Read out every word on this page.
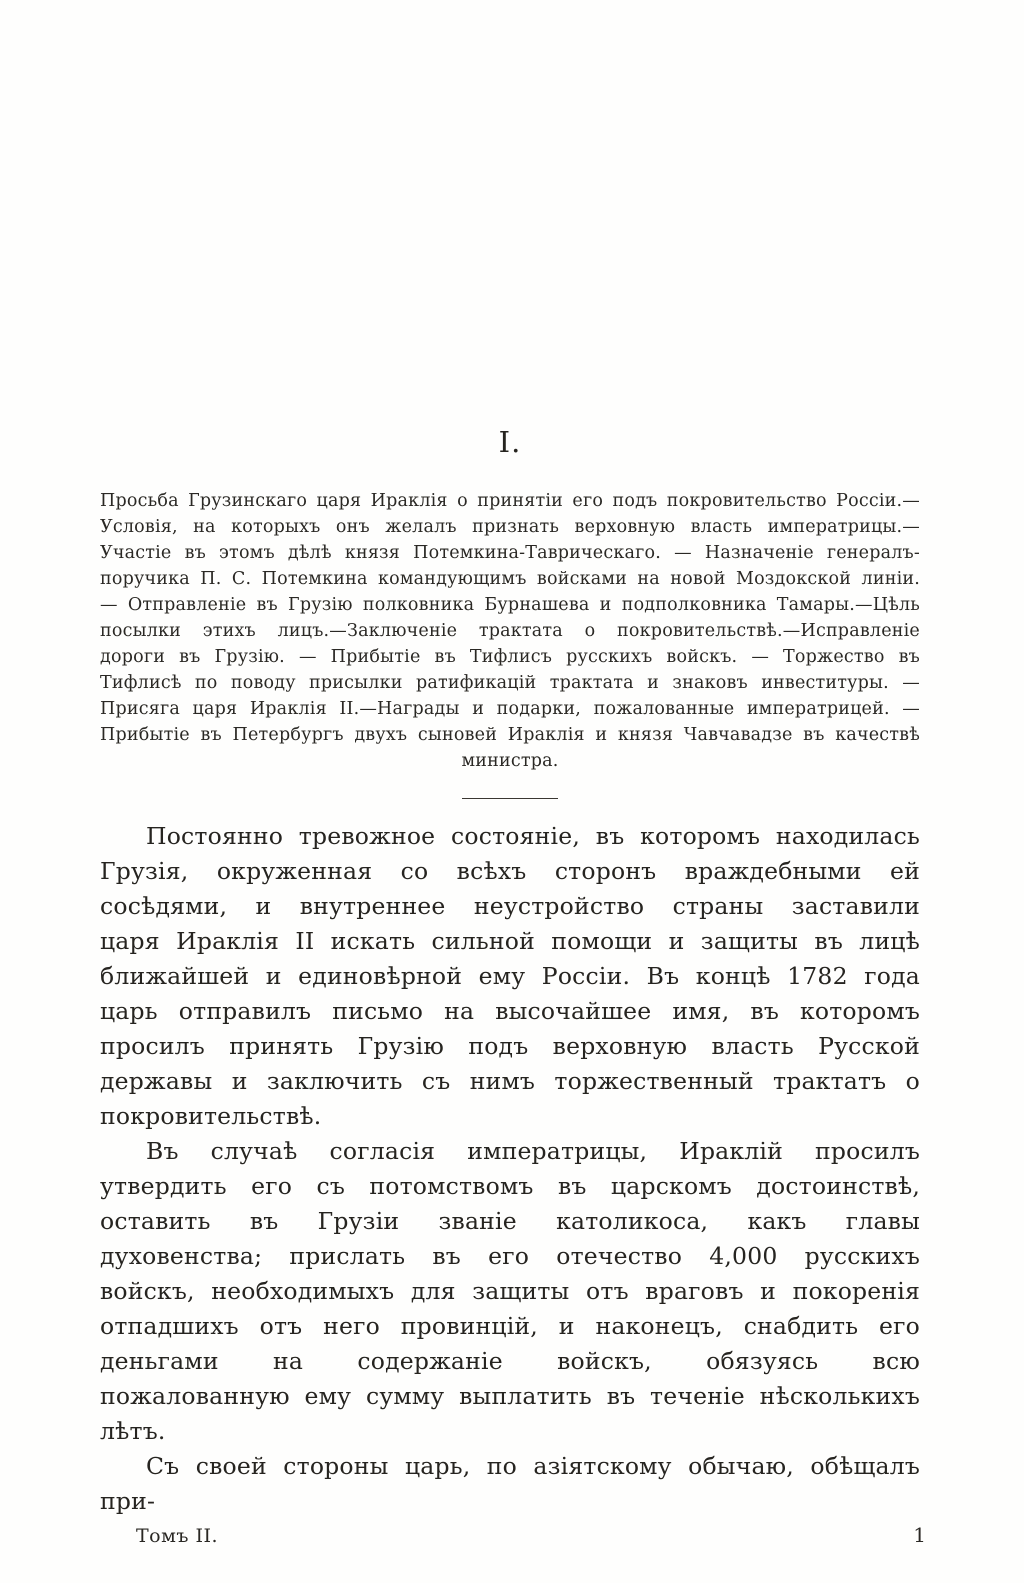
I.

Просьба Грузинскаго царя Ираклія о принятіи его подъ покровительство Россіи.— Условія, на которыхъ онъ желалъ признать верховную власть императрицы.—Участіе въ этомъ дѣлѣ князя Потемкина-Таврическаго. — Назначеніе генералъ-поручика П. С. Потемкина командующимъ войсками на новой Моздокской линіи.— Отправленіе въ Грузію полковника Бурнашева и подполковника Тамары.—Цѣль посылки этихъ лицъ.—Заключеніе трактата о покровительствѣ.—Исправленіе дороги въ Грузію. — Прибытіе въ Тифлисъ русскихъ войскъ. — Торжество въ Тифлисѣ по поводу присылки ратификацій трактата и знаковъ инвеституры. — Присяга царя Ираклія II.—Награды и подарки, пожалованные императрицей. — Прибытіе въ Петербургъ двухъ сыновей Ираклія и князя Чавчавадзе въ качествѣ министра.

Постоянно тревожное состояніе, въ которомъ находилась Грузія, окруженная со всѣхъ сторонъ враждебными ей сосѣдями, и внутреннее неустройство страны заставили царя Ираклія II искать сильной помощи и защиты въ лицѣ ближайшей и единовѣрной ему Россіи. Въ концѣ 1782 года царь отправилъ письмо на высочайшее имя, въ которомъ просилъ принять Грузію подъ верховную власть Русской державы и заключить съ нимъ торжественный трактатъ о покровительствѣ.

Въ случаѣ согласія императрицы, Ираклій просилъ утвердить его съ потомствомъ въ царскомъ достоинствѣ, оставить въ Грузіи званіе католикоса, какъ главы духовенства; прислать въ его отечество 4,000 русскихъ войскъ, необходимыхъ для защиты отъ враговъ и покоренія отпадшихъ отъ него провинцій, и наконецъ, снабдить его деньгами на содержаніе войскъ, обязуясь всю пожалованную ему сумму выплатить въ теченіе нѣсколькихъ лѣтъ.

Съ своей стороны царь, по азіятскому обычаю, обѣщалъ при-

Томъ II.	1
